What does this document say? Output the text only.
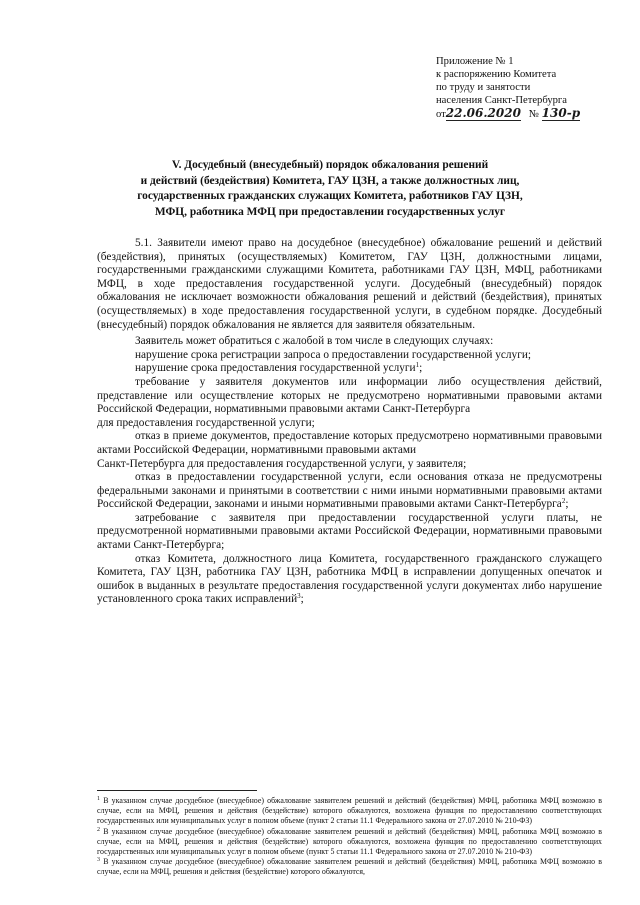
Приложение № 1
к распоряжению Комитета
по труду и занятости
населения Санкт-Петербурга
от22.06.2020 № 130-р
V. Досудебный (внесудебный) порядок обжалования решений
и действий (бездействия) Комитета, ГАУ ЦЗН, а также должностных лиц,
государственных гражданских служащих Комитета, работников ГАУ ЦЗН,
МФЦ, работника МФЦ при предоставлении государственных услуг

5.1. Заявители имеют право на досудебное (внесудебное) обжалование решений и действий (бездействия), принятых (осуществляемых) Комитетом, ГАУ ЦЗН, должностными лицами, государственными гражданскими служащими Комитета, работниками ГАУ ЦЗН, МФЦ, работниками МФЦ, в ходе предоставления государственной услуги. Досудебный (внесудебный) порядок обжалования не исключает возможности обжалования решений и действий (бездействия), принятых (осуществляемых) в ходе предоставления государственной услуги, в судебном порядке. Досудебный (внесудебный) порядок обжалования не является для заявителя обязательным.

Заявитель может обратиться с жалобой в том числе в следующих случаях:

нарушение срока регистрации запроса о предоставлении государственной услуги;

нарушение срока предоставления государственной услуги$^1$;

требование у заявителя документов или информации либо осуществления действий, представление или осуществление которых не предусмотрено нормативными правовыми актами Российской Федерации, нормативными правовыми актами Санкт-Петербурга

для предоставления государственной услуги;

отказ в приеме документов, предоставление которых предусмотрено нормативными правовыми актами Российской Федерации, нормативными правовыми актами

Санкт-Петербурга для предоставления государственной услуги, у заявителя;

отказ в предоставлении государственной услуги, если основания отказа не предусмотрены федеральными законами и принятыми в соответствии с ними иными нормативными правовыми актами Российской Федерации, законами и иными нормативными правовыми актами Санкт-Петербурга$^2$;

затребование с заявителя при предоставлении государственной услуги платы, не предусмотренной нормативными правовыми актами Российской Федерации, нормативными правовыми актами Санкт-Петербурга;

отказ Комитета, должностного лица Комитета, государственного гражданского служащего Комитета, ГАУ ЦЗН, работника ГАУ ЦЗН, работника МФЦ в исправлении допущенных опечаток и ошибок в выданных в результате предоставления государственной услуги документах либо нарушение установленного срока таких исправлений$^3$;

$^1$ В указанном случае досудебное (внесудебное) обжалование заявителем решений и действий (бездействия) МФЦ, работника МФЦ возможно в случае, если на МФЦ, решения и действия (бездействие) которого обжалуются, возложена функция по предоставлению соответствующих государственных или муниципальных услуг в полном объеме (пункт 2 статьи 11.1 Федерального закона от 27.07.2010 № 210-ФЗ)

$^2$ В указанном случае досудебное (внесудебное) обжалование заявителем решений и действий (бездействия) МФЦ, работника МФЦ возможно в случае, если на МФЦ, решения и действия (бездействие) которого обжалуются, возложена функция по предоставлению соответствующих государственных или муниципальных услуг в полном объеме (пункт 5 статьи 11.1 Федерального закона от 27.07.2010 № 210-ФЗ)

$^3$ В указанном случае досудебное (внесудебное) обжалование заявителем решений и действий (бездействия) МФЦ, работника МФЦ возможно в случае, если на МФЦ, решения и действия (бездействие) которого обжалуются,
